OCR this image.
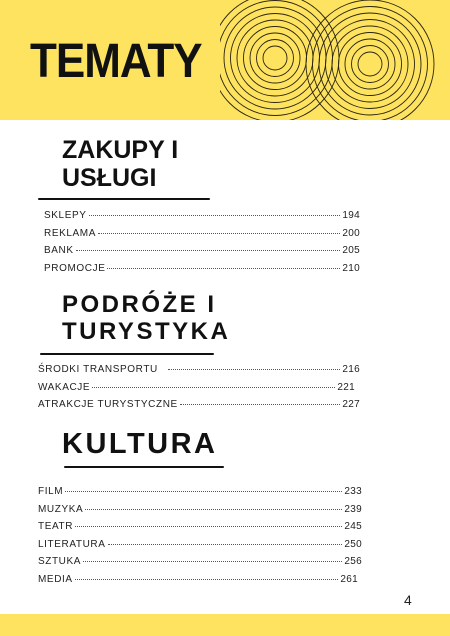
TEMATY
ZAKUPY I
USŁUGI
SKLEPY	194
REKLAMA	200
BANK	205
PROMOCJE	210
PODRÓŻE I
TURYSTYKA
ŚRODKI TRANSPORTU	216
WAKACJE	221
ATRAKCJE TURYSTYCZNE	227
KULTURA
FILM	233
MUZYKA	239
TEATR	245
LITERATURA	250
SZTUKA	256
MEDIA	261
4
